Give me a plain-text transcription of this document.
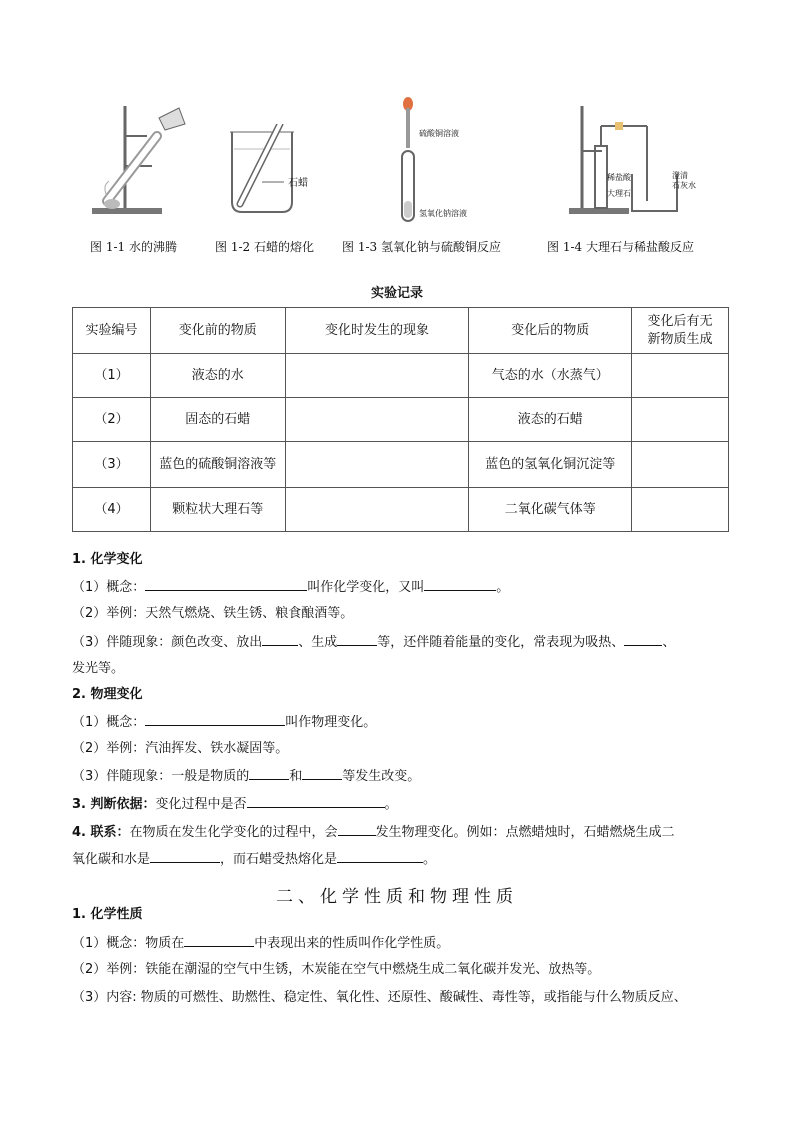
石蜡
硫酸铜溶液
氢氧化钠溶液
稀盐酸
大理石
澄清
石灰水
图 1-1 水的沸腾	图 1-2 石蜡的熔化 图 1-3 氢氧化钠与硫酸铜反应	图 1-4 大理石与稀盐酸反应
实验记录
实验编号	变化前的物质	变化时发生的现象	变化后的物质	变化后有无
新物质生成
（1）	液态的水		气态的水（水蒸气）	
（2）	固态的石蜡		液态的石蜡	
（3）	蓝色的硫酸铜溶液等		蓝色的氢氧化铜沉淀等	
（4）	颗粒状大理石等		二氧化碳气体等	
1. 化学变化
（1）概念：	叫作化学变化，又叫	。
（2）举例：天然气燃烧、铁生锈、粮食酿酒等。
（3）伴随现象：颜色改变、放出	、生成	等，还伴随着能量的变化，常表现为吸热、	、
发光等。
2. 物理变化
（1）概念：	叫作物理变化。
（2）举例：汽油挥发、铁水凝固等。
（3）伴随现象：一般是物质的	和	等发生改变。
3. 判断依据：变化过程中是否	。
4. 联系：在物质在发生化学变化的过程中，会	发生物理变化。例如：点燃蜡烛时，石蜡燃烧生成二
氧化碳和水是	，而石蜡受热熔化是	。
二、化学性质和物理性质
1. 化学性质
（1）概念：物质在	中表现出来的性质叫作化学性质。
（2）举例：铁能在潮湿的空气中生锈，木炭能在空气中燃烧生成二氧化碳并发光、放热等。
（3）内容: 物质的可燃性、助燃性、稳定性、氧化性、还原性、酸碱性、毒性等，或指能与什么物质反应、
